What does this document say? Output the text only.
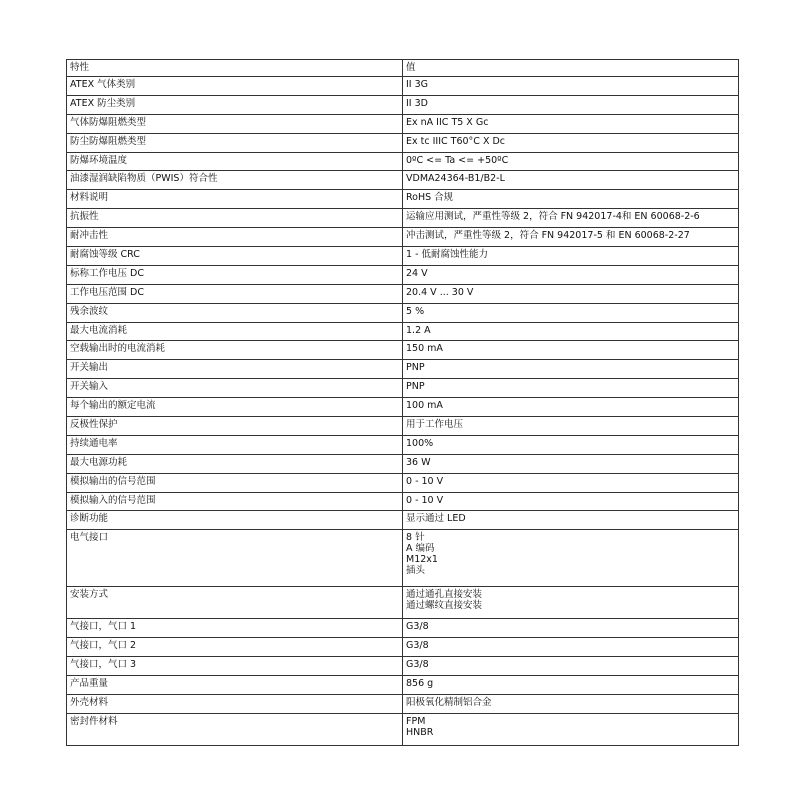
特性	值
ATEX 气体类别	II 3G

ATEX 防尘类别	II 3D

气体防爆阻燃类型	Ex nA IIC T5 X Gc

防尘防爆阻燃类型	Ex tc IIIC T60°C X Dc

防爆环境温度	0ºC <= Ta <= +50ºC

油漆湿润缺陷物质（PWIS）符合性	VDMA24364-B1/B2-L

材料说明	RoHS 合规

抗振性	运输应用测试，严重性等级 2，符合 FN 942017-4和 EN 60068-2-6

耐冲击性	冲击测试，严重性等级 2，符合 FN 942017-5 和 EN 60068-2-27

耐腐蚀等级 CRC	1 - 低耐腐蚀性能力

标称工作电压 DC	24 V

工作电压范围 DC	20.4 V ... 30 V

残余波纹	5 %

最大电流消耗	1.2 A

空载输出时的电流消耗	150 mA

开关输出	PNP

开关输入	PNP

每个输出的额定电流	100 mA

反极性保护	用于工作电压

持续通电率	100%

最大电源功耗	36 W

模拟输出的信号范围	0 - 10 V

模拟输入的信号范围	0 - 10 V

诊断功能	显示通过 LED

电气接口	8 针
A 编码
M12x1
插头

安装方式	通过通孔直接安装
通过螺纹直接安装

气接口，气口 1	G3/8

气接口，气口 2	G3/8

气接口，气口 3	G3/8

产品重量	856 g

外壳材料	阳极氧化精制铝合金

密封件材料	FPM
HNBR
